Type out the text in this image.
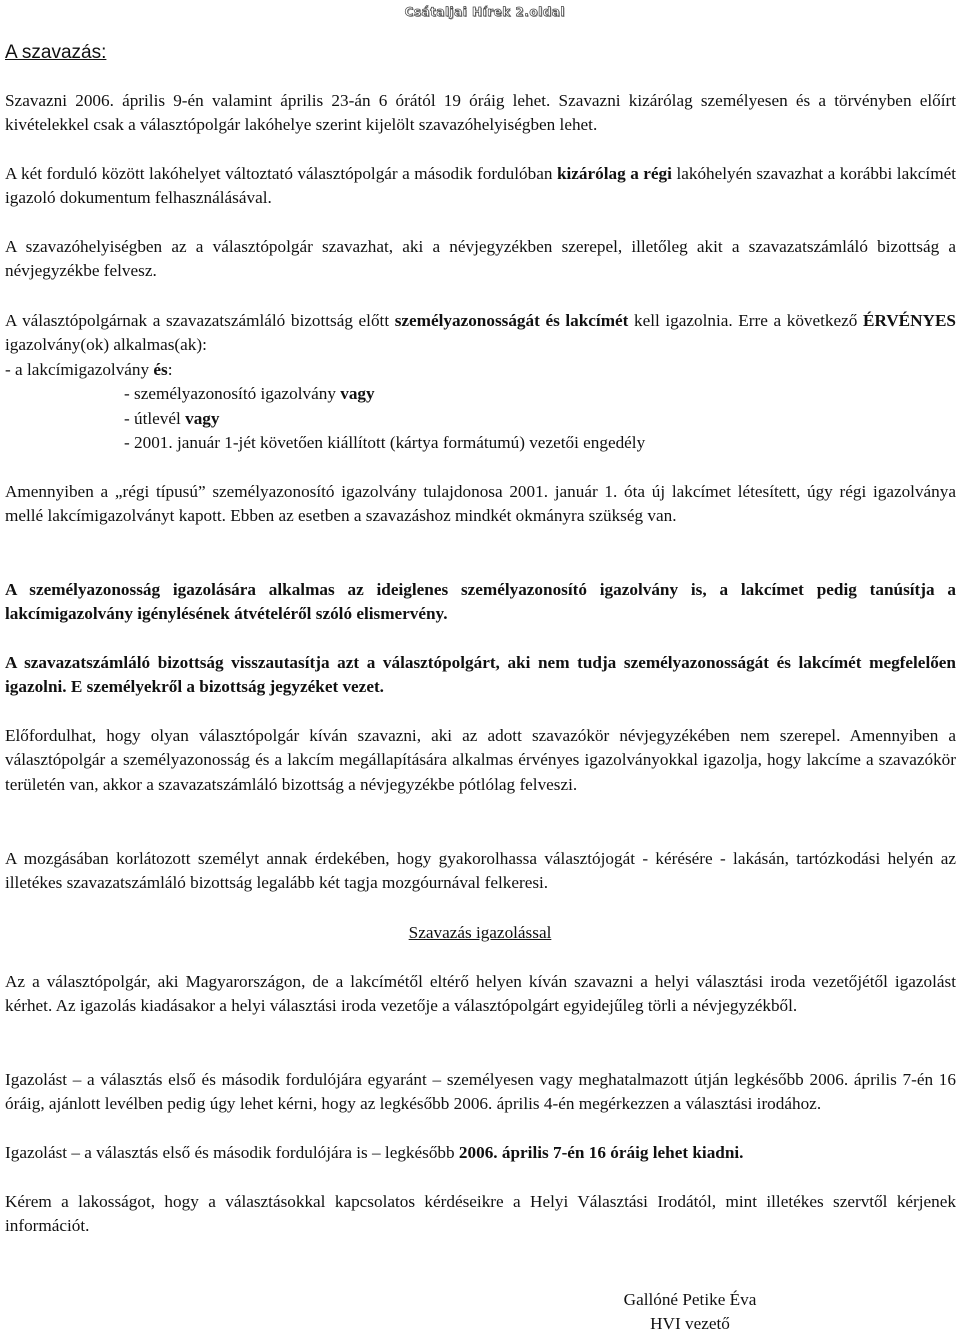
Csátaljai Hírek 2.oldal
A szavazás:

Szavazni 2006. április 9-én valamint április 23-án 6 órától 19 óráig lehet. Szavazni kizárólag személyesen és a törvényben előírt kivételekkel csak a választópolgár lakóhelye szerint kijelölt szavazóhelyiségben lehet.

A két forduló között lakóhelyet változtató választópolgár a második fordulóban kizárólag a régi lakóhelyén szavazhat a korábbi lakcímét igazoló dokumentum felhasználásával.

A szavazóhelyiségben az a választópolgár szavazhat, aki a névjegyzékben szerepel, illetőleg akit a szavazatszámláló bizottság a névjegyzékbe felvesz.

A választópolgárnak a szavazatszámláló bizottság előtt személyazonosságát és lakcímét kell igazolnia. Erre a következő ÉRVÉNYES igazolvány(ok) alkalmas(ak):
- a lakcímigazolvány és:
- személyazonosító igazolvány vagy
- útlevél vagy
- 2001. január 1-jét követően kiállított (kártya formátumú) vezetői engedély

Amennyiben a „régi típusú” személyazonosító igazolvány tulajdonosa 2001. január 1. óta új lakcímet létesített, úgy régi igazolványa mellé lakcímigazolványt kapott. Ebben az esetben a szavazáshoz mindkét okmányra szükség van.

A személyazonosság igazolására alkalmas az ideiglenes személyazonosító igazolvány is, a lakcímet pedig tanúsítja a lakcímigazolvány igénylésének átvételéről szóló elismervény.

A szavazatszámláló bizottság visszautasítja azt a választópolgárt, aki nem tudja személyazonosságát és lakcímét megfelelően igazolni. E személyekről a bizottság jegyzéket vezet.

Előfordulhat, hogy olyan választópolgár kíván szavazni, aki az adott szavazókör névjegyzékében nem szerepel. Amennyiben a választópolgár a személyazonosság és a lakcím megállapítására alkalmas érvényes igazolványokkal igazolja, hogy lakcíme a szavazókör területén van, akkor a szavazatszámláló bizottság a névjegyzékbe pótlólag felveszi.

A mozgásában korlátozott személyt annak érdekében, hogy gyakorolhassa választójogát - kérésére - lakásán, tartózkodási helyén az illetékes szavazatszámláló bizottság legalább két tagja mozgóurnával felkeresi.

Szavazás igazolással

Az a választópolgár, aki Magyarországon, de a lakcímétől eltérő helyen kíván szavazni a helyi választási iroda vezetőjétől igazolást kérhet. Az igazolás kiadásakor a helyi választási iroda vezetője a választópolgárt egyidejűleg törli a névjegyzékből.

Igazolást – a választás első és második fordulójára egyaránt – személyesen vagy meghatalmazott útján legkésőbb 2006. április 7-én 16 óráig, ajánlott levélben pedig úgy lehet kérni, hogy az legkésőbb 2006. április 4-én megérkezzen a választási irodához.

Igazolást – a választás első és második fordulójára is – legkésőbb 2006. április 7-én 16 óráig lehet kiadni.

Kérem a lakosságot, hogy a választásokkal kapcsolatos kérdéseikre a Helyi Választási Irodától, mint illetékes szervtől kérjenek információt.

Gallóné Petike Éva
HVI vezető
